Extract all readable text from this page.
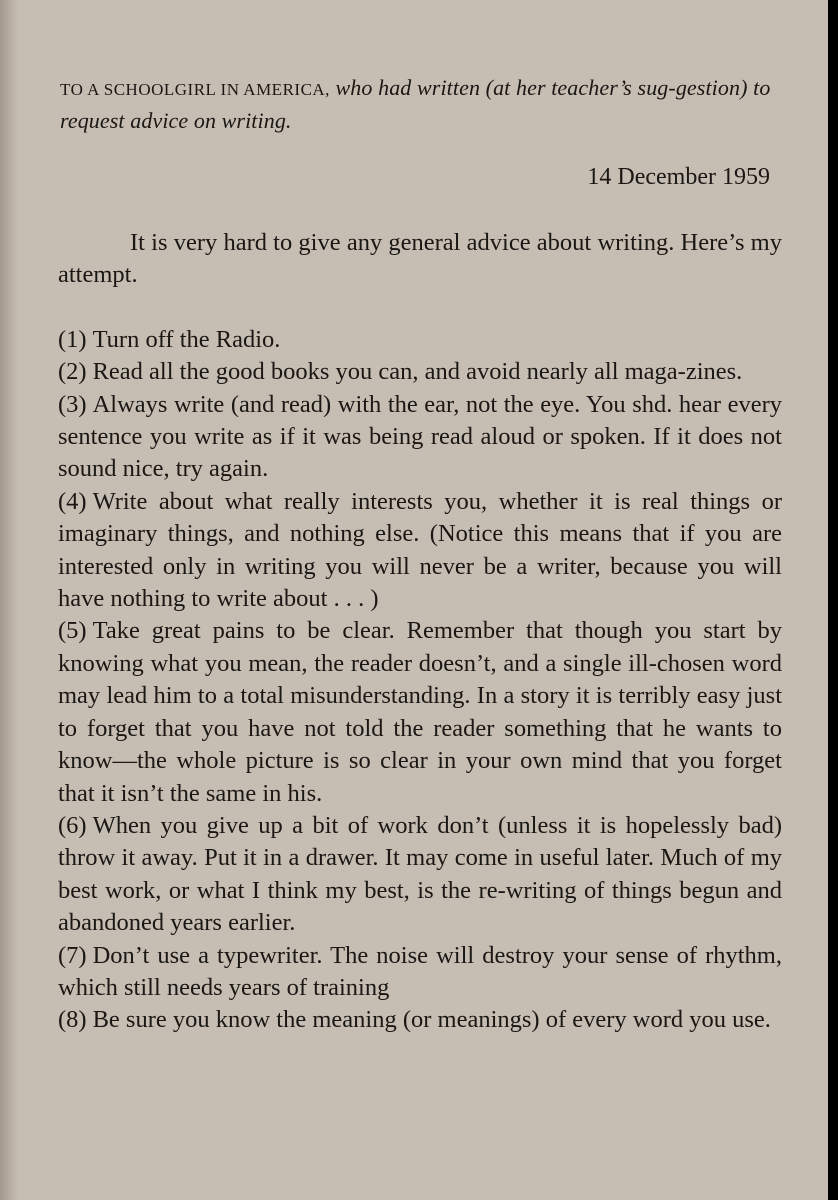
TO A SCHOOLGIRL IN AMERICA, who had written (at her teacher’s sug-gestion) to request advice on writing.
14 December 1959

It is very hard to give any general advice about writing. Here’s my attempt.

(1) Turn off the Radio.

(2) Read all the good books you can, and avoid nearly all maga-zines.

(3) Always write (and read) with the ear, not the eye. You shd. hear every sentence you write as if it was being read aloud or spoken. If it does not sound nice, try again.

(4) Write about what really interests you, whether it is real things or imaginary things, and nothing else. (Notice this means that if you are interested only in writing you will never be a writer, because you will have nothing to write about . . . )

(5) Take great pains to be clear. Remember that though you start by knowing what you mean, the reader doesn’t, and a single ill-chosen word may lead him to a total misunderstanding. In a story it is terribly easy just to forget that you have not told the reader something that he wants to know—the whole picture is so clear in your own mind that you forget that it isn’t the same in his.

(6) When you give up a bit of work don’t (unless it is hopelessly bad) throw it away. Put it in a drawer. It may come in useful later. Much of my best work, or what I think my best, is the re-writing of things begun and abandoned years earlier.

(7) Don’t use a typewriter. The noise will destroy your sense of rhythm, which still needs years of training

(8) Be sure you know the meaning (or meanings) of every word you use.
